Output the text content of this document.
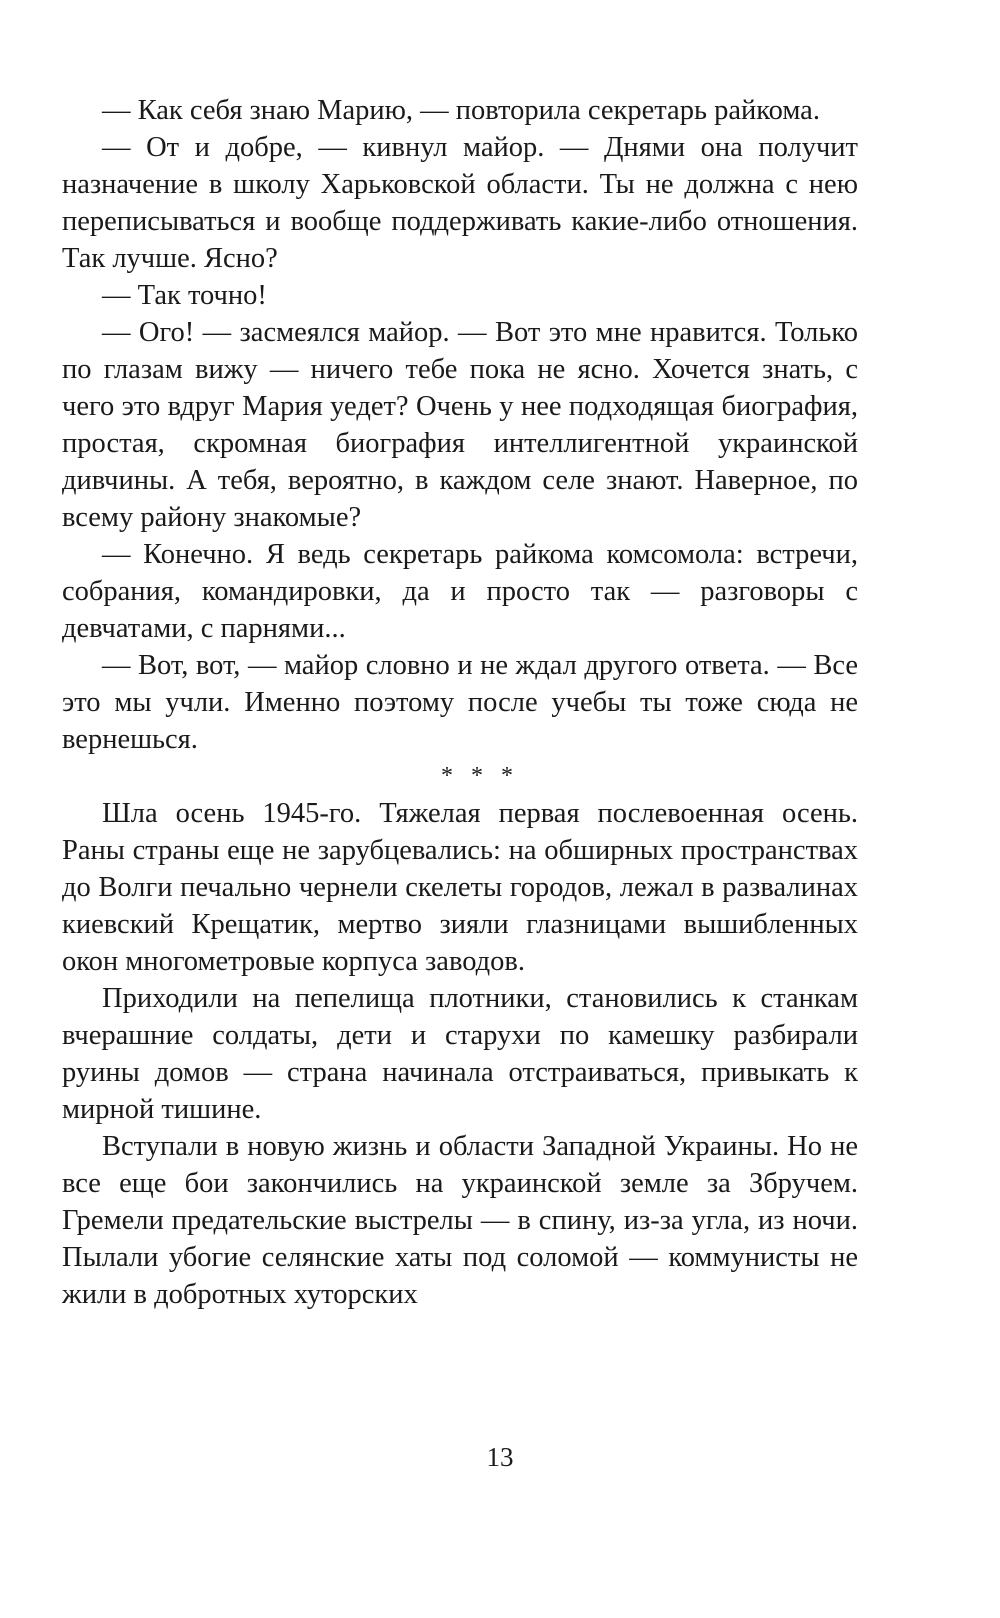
— Как себя знаю Марию, — повторила секретарь райкома.

— От и добре, — кивнул майор. — Днями она получит назначение в школу Харьковской области. Ты не должна с нею переписываться и вообще поддерживать какие-либо отношения. Так лучше. Ясно?

— Так точно!

— Ого! — засмеялся майор. — Вот это мне нравится. Только по глазам вижу — ничего тебе пока не ясно. Хочется знать, с чего это вдруг Мария уедет? Очень у нее подходящая биография, простая, скромная биография интеллигентной украинской дивчины. А тебя, вероятно, в каждом селе знают. Наверное, по всему району знакомые?

— Конечно. Я ведь секретарь райкома комсомола: встречи, собрания, командировки, да и просто так — разговоры с девчатами, с парнями...

— Вот, вот, — майор словно и не ждал другого ответа. — Все это мы учли. Именно поэтому после учебы ты тоже сюда не вернешься.

* * *

Шла осень 1945-го. Тяжелая первая послевоенная осень. Раны страны еще не зарубцевались: на обширных пространствах до Волги печально чернели скелеты городов, лежал в развалинах киевский Крещатик, мертво зияли глазницами вышибленных окон многометровые корпуса заводов.

Приходили на пепелища плотники, становились к станкам вчерашние солдаты, дети и старухи по камешку разбирали руины домов — страна начинала отстраиваться, привыкать к мирной тишине.

Вступали в новую жизнь и области Западной Украины. Но не все еще бои закончились на украинской земле за Збручем. Гремели предательские выстрелы — в спину, из-за угла, из ночи. Пылали убогие селянские хаты под соломой — коммунисты не жили в добротных хуторских

13
